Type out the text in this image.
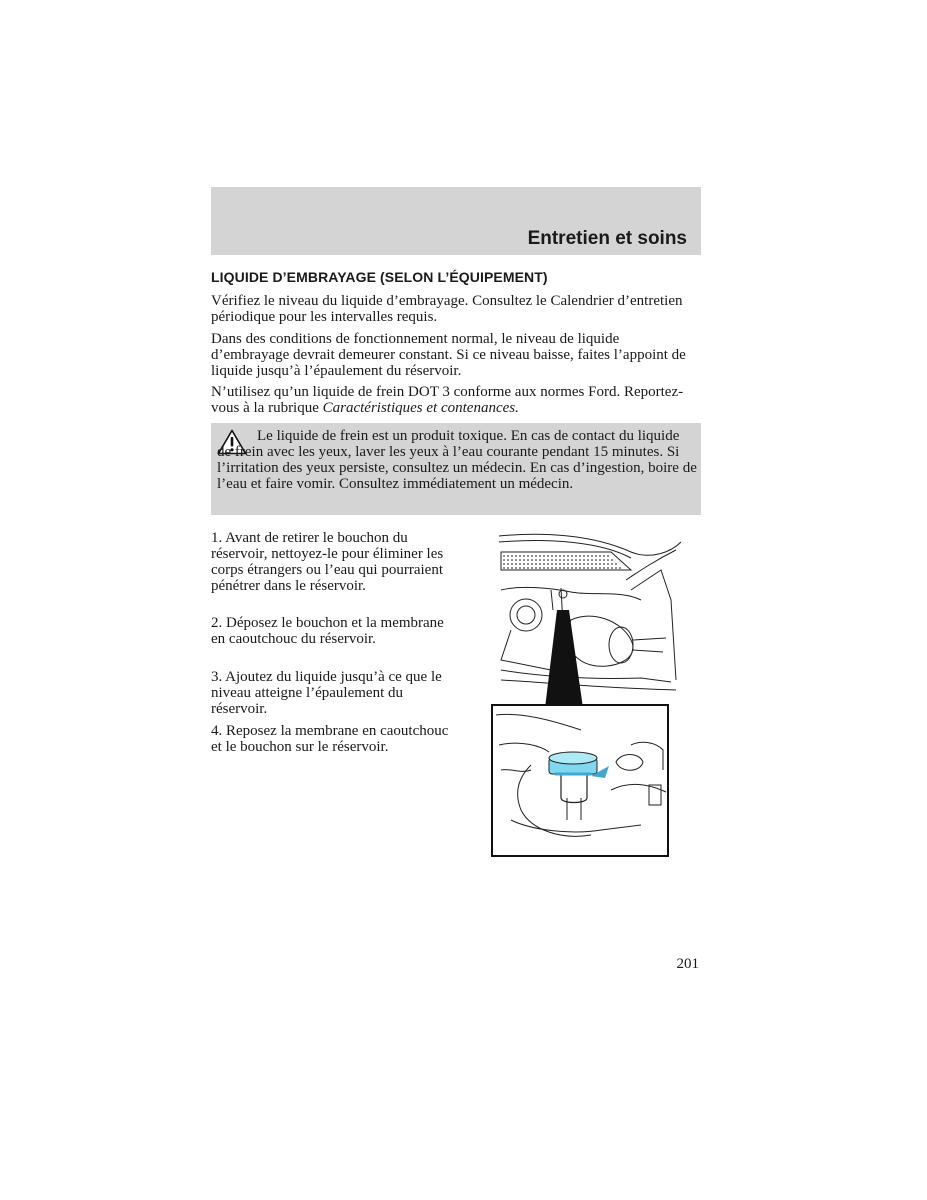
Entretien et soins
LIQUIDE D’EMBRAYAGE (SELON L’ÉQUIPEMENT)

Vérifiez le niveau du liquide d’embrayage. Consultez le Calendrier d’entretien périodique pour les intervalles requis.

Dans des conditions de fonctionnement normal, le niveau de liquide d’embrayage devrait demeurer constant. Si ce niveau baisse, faites l’appoint de liquide jusqu’à l’épaulement du réservoir.

N’utilisez qu’un liquide de frein DOT 3 conforme aux normes Ford. Reportez-vous à la rubrique Caractéristiques et contenances.

Le liquide de frein est un produit toxique. En cas de contact du liquide de frein avec les yeux, laver les yeux à l’eau courante pendant 15 minutes. Si l’irritation des yeux persiste, consultez un médecin. En cas d’ingestion, boire de l’eau et faire vomir. Consultez immédiatement un médecin.

1. Avant de retirer le bouchon du réservoir, nettoyez-le pour éliminer les corps étrangers ou l’eau qui pourraient pénétrer dans le réservoir.

2. Déposez le bouchon et la membrane en caoutchouc du réservoir.

3. Ajoutez du liquide jusqu’à ce que le niveau atteigne l’épaulement du réservoir.

4. Reposez la membrane en caoutchouc et le bouchon sur le réservoir.

201
